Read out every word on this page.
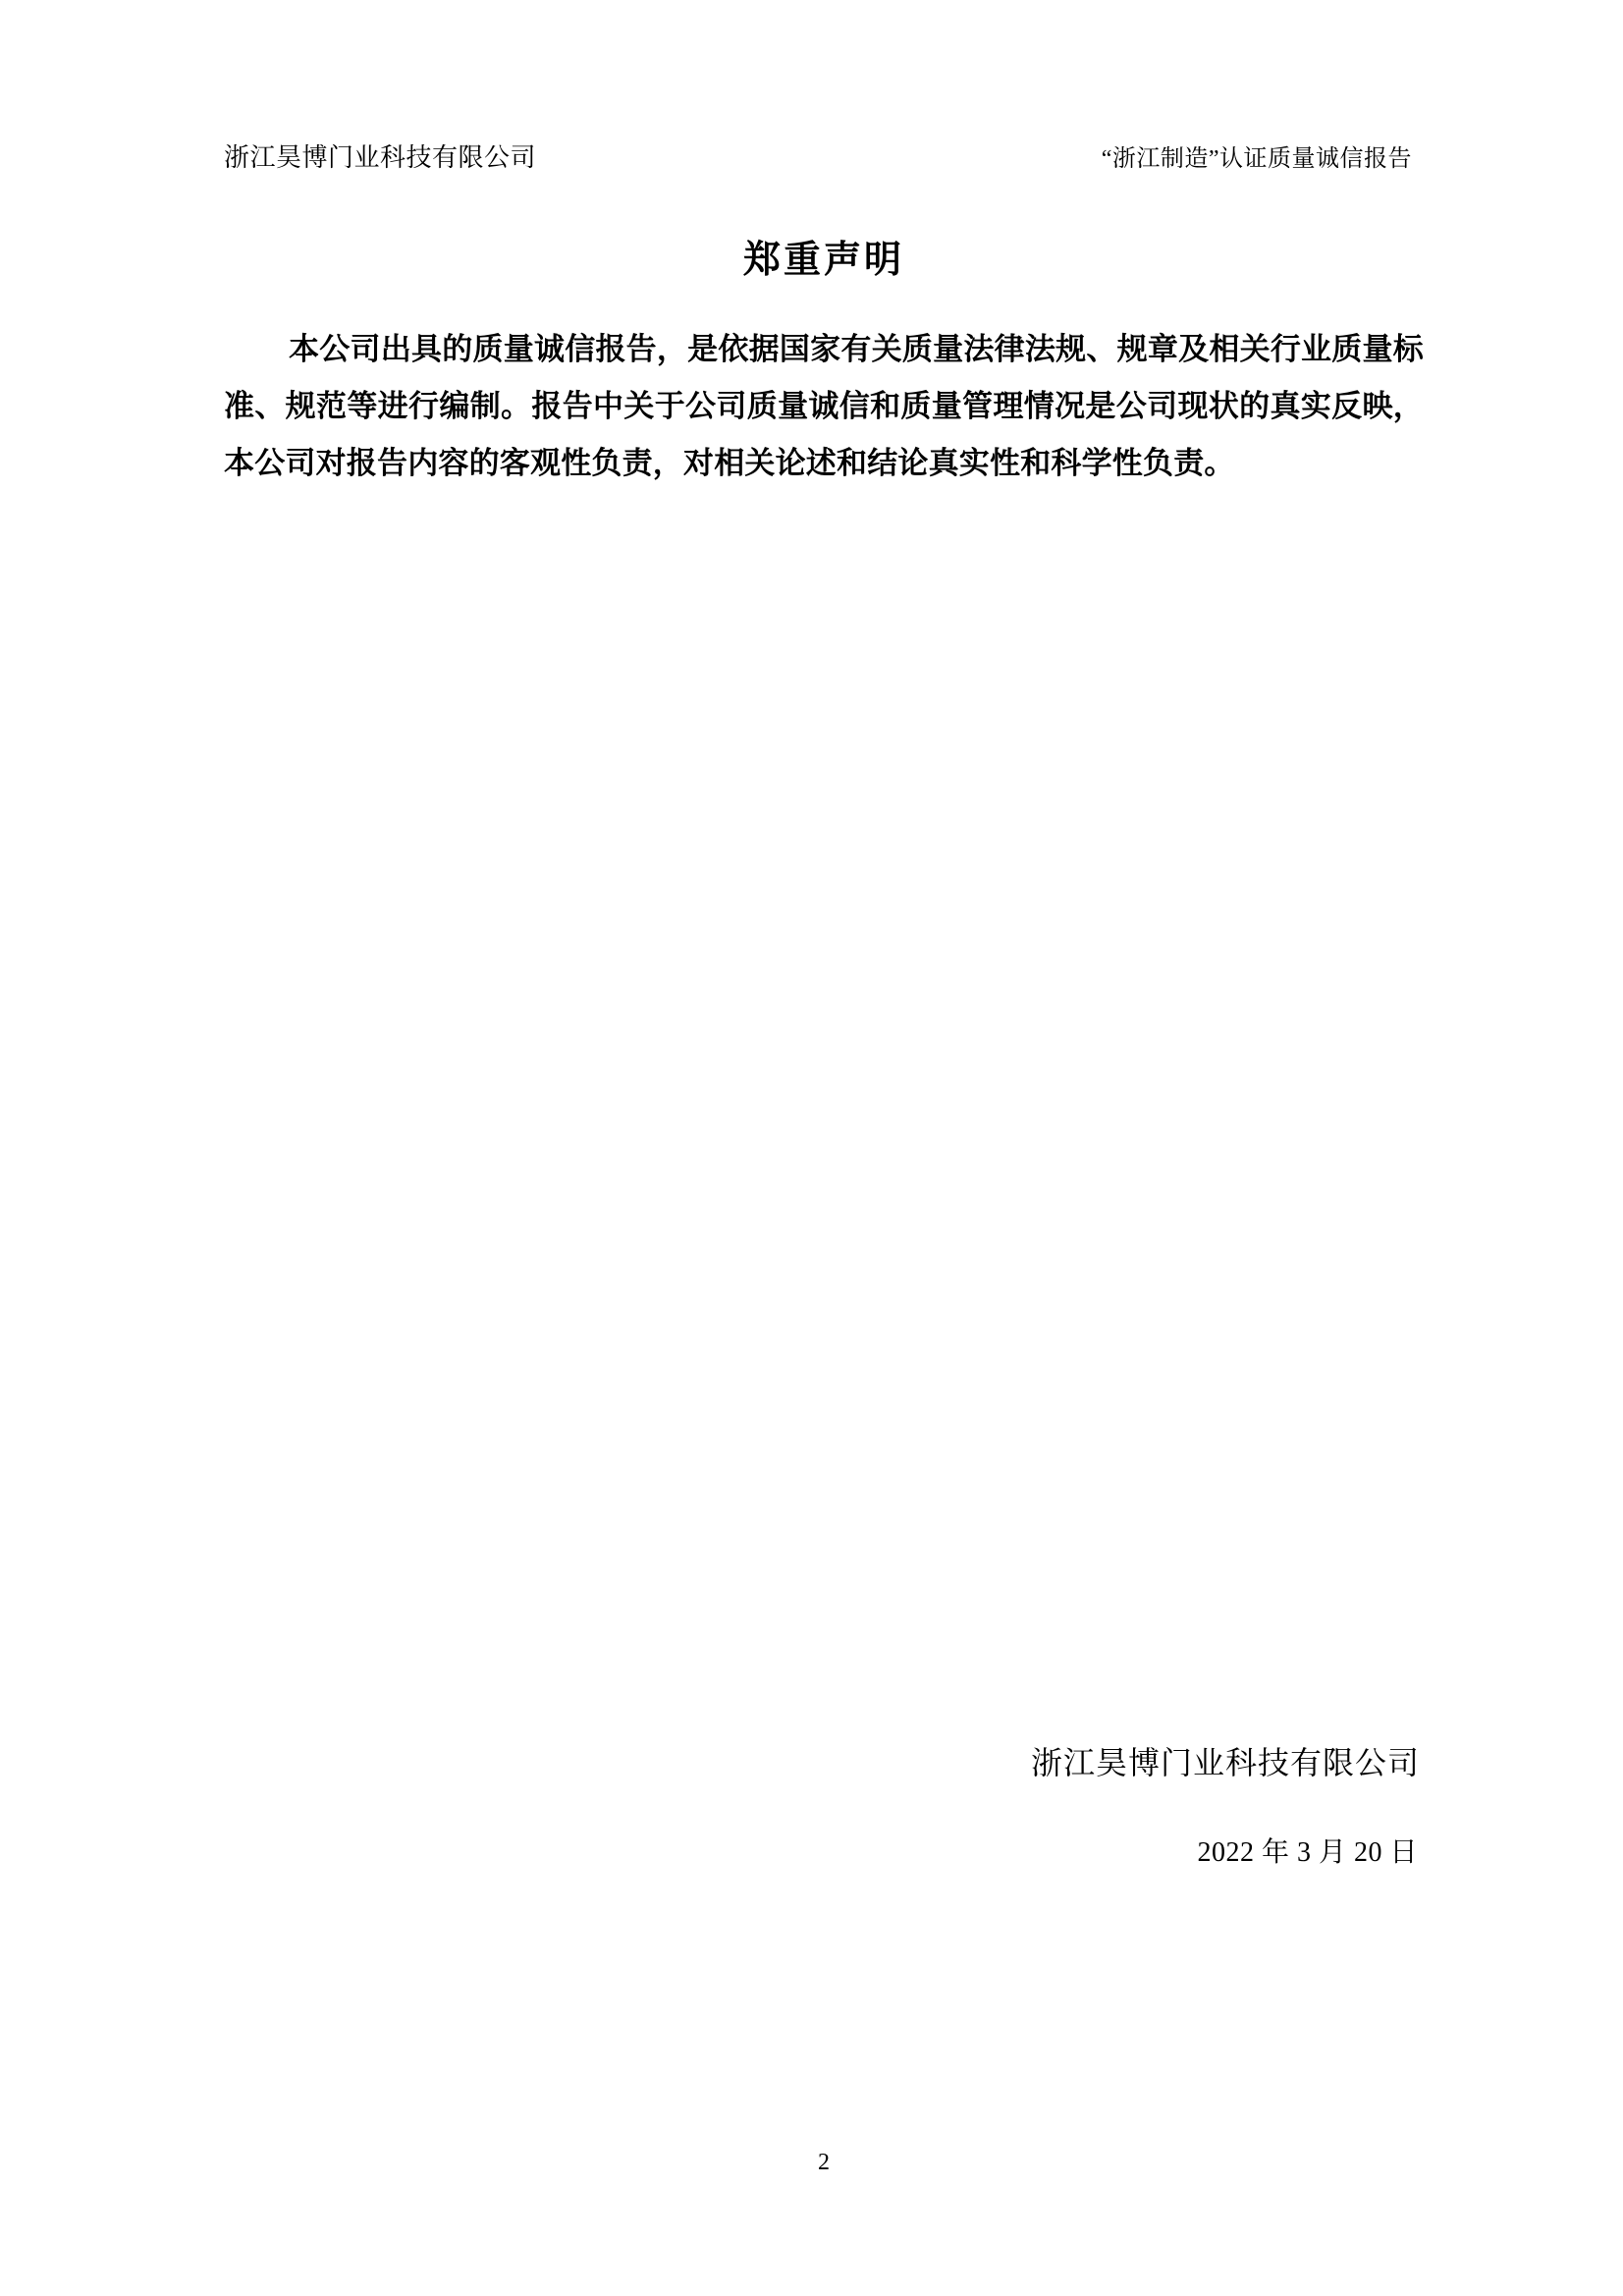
浙江昊博门业科技有限公司	“浙江制造”认证质量诚信报告
郑重声明

本公司出具的质量诚信报告，是依据国家有关质量法律法规、规章及相关行业质量标准、规范等进行编制。报告中关于公司质量诚信和质量管理情况是公司现状的真实反映，本公司对报告内容的客观性负责，对相关论述和结论真实性和科学性负责。

浙江昊博门业科技有限公司
2022 年 3 月 20 日
2
